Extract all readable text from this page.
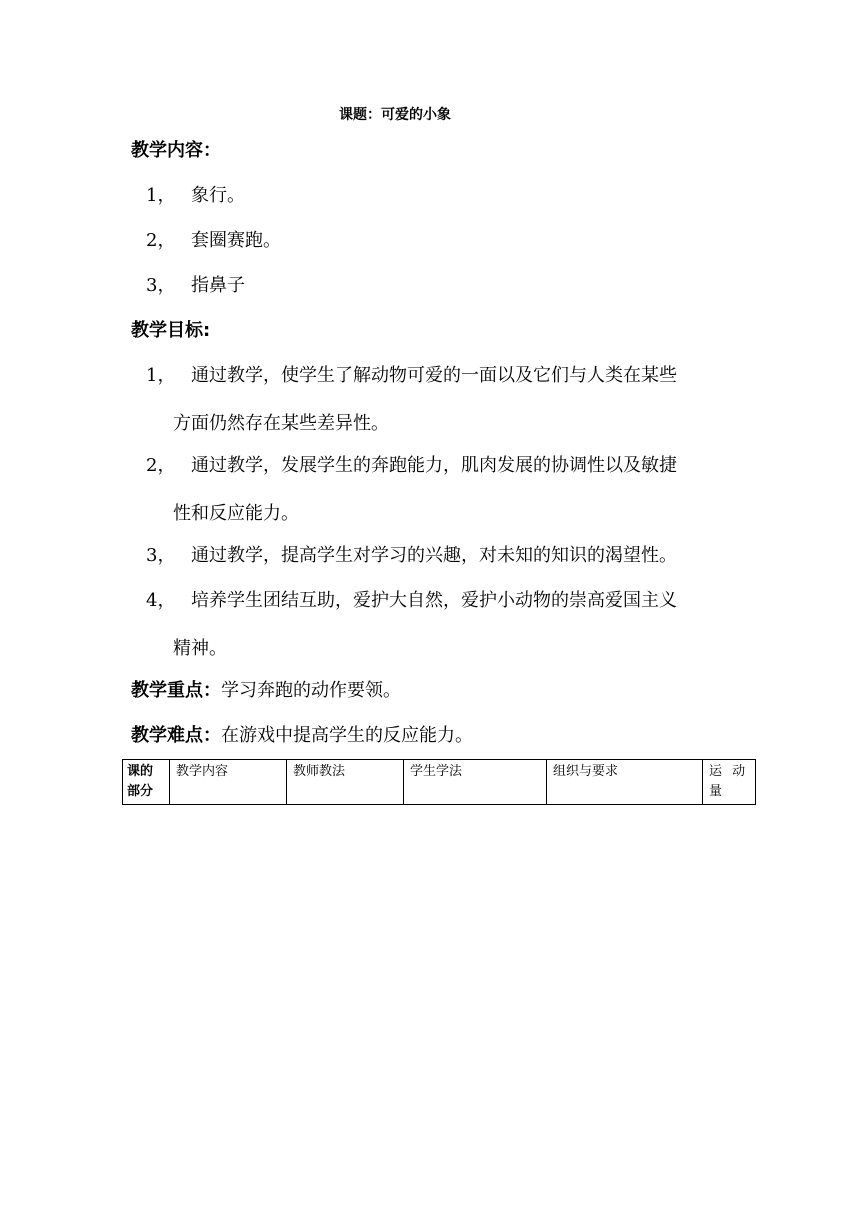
课题：可爱的小象
教学内容：
1， 象行。
2， 套圈赛跑。
3， 指鼻子
教学目标:
1， 通过教学，使学生了解动物可爱的一面以及它们与人类在某些
方面仍然存在某些差异性。
2， 通过教学，发展学生的奔跑能力，肌肉发展的协调性以及敏捷
性和反应能力。
3， 通过教学，提高学生对学习的兴趣，对未知的知识的渴望性。
4， 培养学生团结互助，爱护大自然，爱护小动物的崇高爱国主义
精神。
教学重点：学习奔跑的动作要领。
教学难点：在游戏中提高学生的反应能力。
课的部分	教学内容	教师教法	学生学法	组织与要求	运 动 量
